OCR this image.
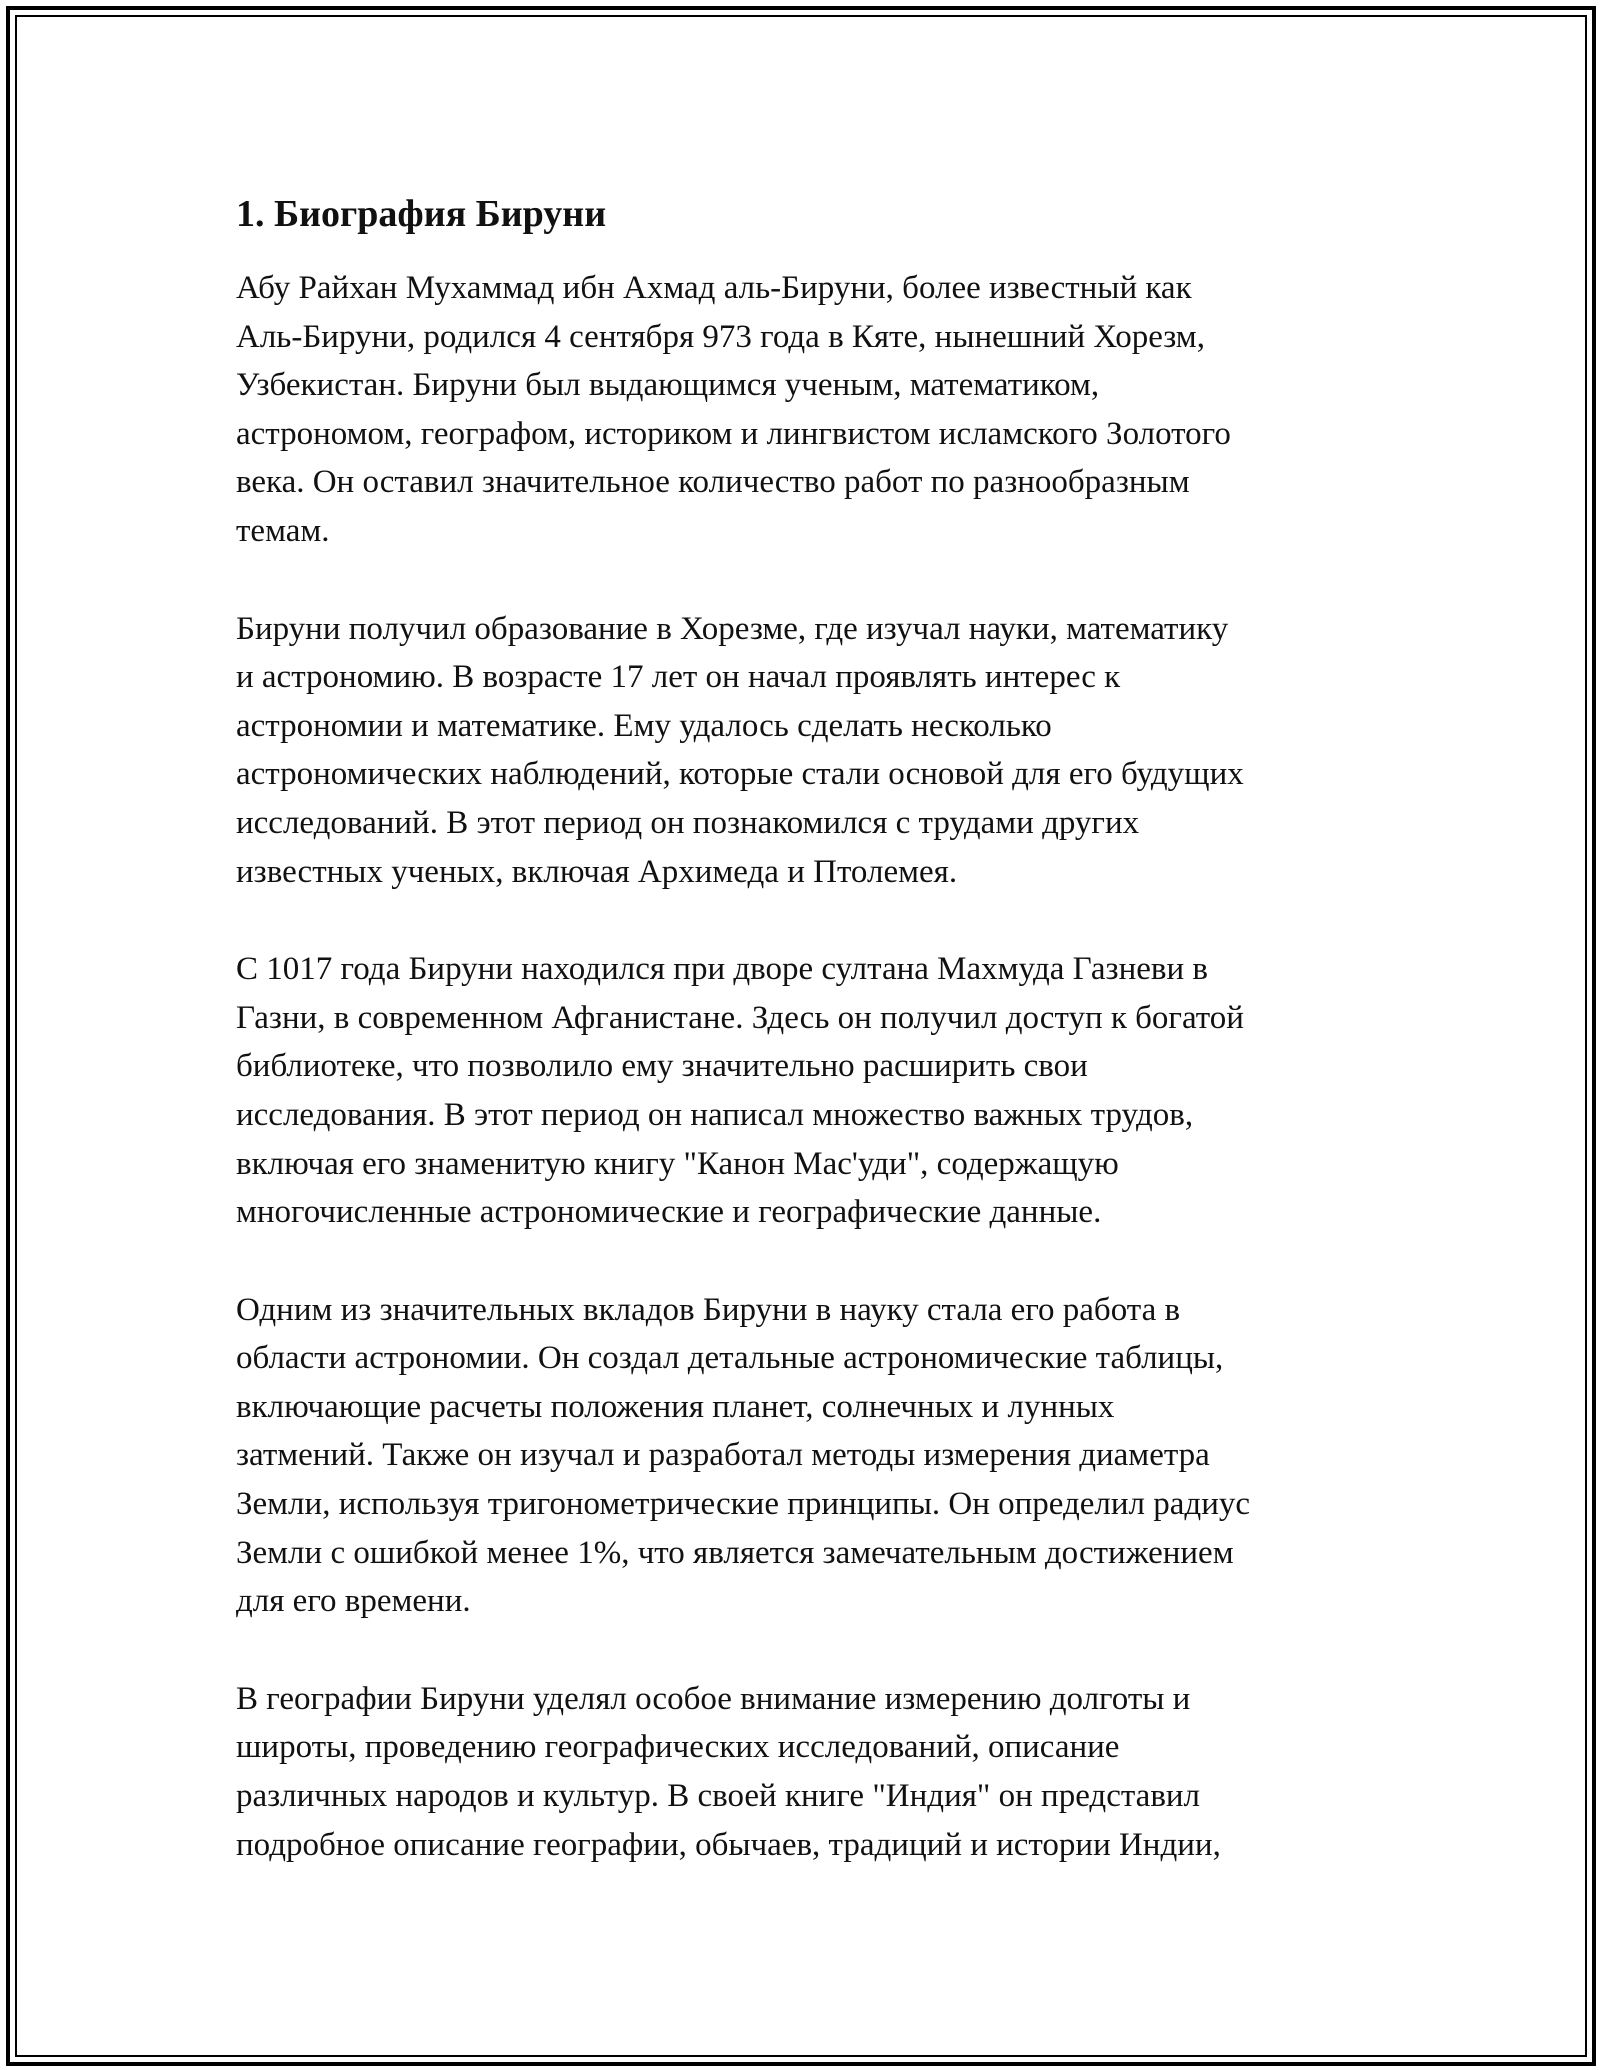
1. Биография Бируни

Абу Райхан Мухаммад ибн Ахмад аль-Бируни, более известный как
Аль-Бируни, родился 4 сентября 973 года в Кяте, нынешний Хорезм,
Узбекистан. Бируни был выдающимся ученым, математиком,
астрономом, географом, историком и лингвистом исламского Золотого
века. Он оставил значительное количество работ по разнообразным
темам.

Бируни получил образование в Хорезме, где изучал науки, математику
и астрономию. В возрасте 17 лет он начал проявлять интерес к
астрономии и математике. Ему удалось сделать несколько
астрономических наблюдений, которые стали основой для его будущих
исследований. В этот период он познакомился с трудами других
известных ученых, включая Архимеда и Птолемея.

С 1017 года Бируни находился при дворе султана Махмуда Газневи в
Газни, в современном Афганистане. Здесь он получил доступ к богатой
библиотеке, что позволило ему значительно расширить свои
исследования. В этот период он написал множество важных трудов,
включая его знаменитую книгу "Канон Мас'уди", содержащую
многочисленные астрономические и географические данные.

Одним из значительных вкладов Бируни в науку стала его работа в
области астрономии. Он создал детальные астрономические таблицы,
включающие расчеты положения планет, солнечных и лунных
затмений. Также он изучал и разработал методы измерения диаметра
Земли, используя тригонометрические принципы. Он определил радиус
Земли с ошибкой менее 1%, что является замечательным достижением
для его времени.

В географии Бируни уделял особое внимание измерению долготы и
широты, проведению географических исследований, описание
различных народов и культур. В своей книге "Индия" он представил
подробное описание географии, обычаев, традиций и истории Индии,
